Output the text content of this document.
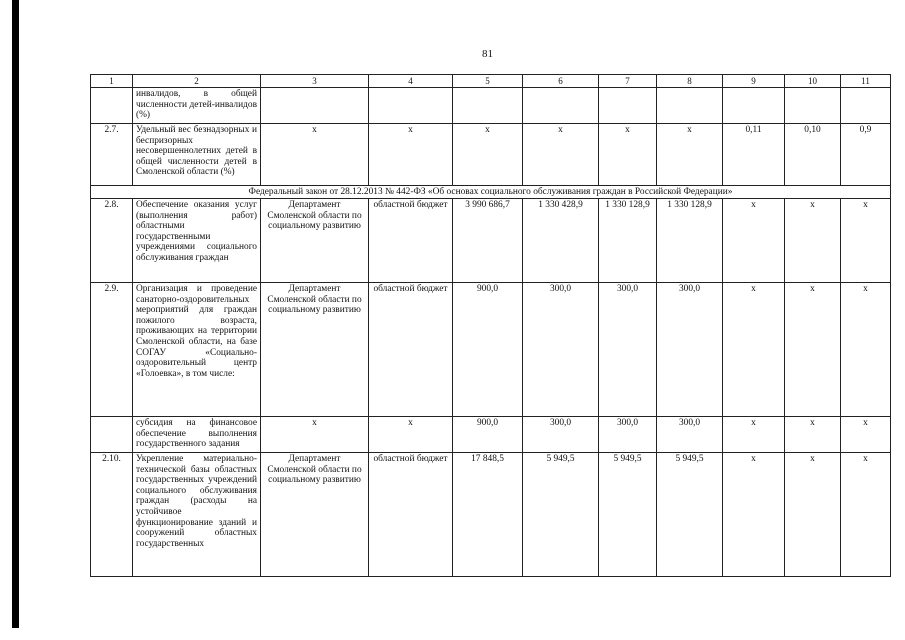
81
1	2	3	4	5	6	7	8	9	10	11
	инвалидов, в общей численности детей-инвалидов (%)									
2.7.	Удельный вес безнадзорных и беспризорных несовершеннолетних детей в общей численности детей в Смоленской области (%)	х	х	х	х	х	х	0,11	0,10	0,9
Федеральный закон от 28.12.2013 № 442-ФЗ «Об основах социального обслуживания граждан в Российской Федерации»										
2.8.	Обеспечение оказания услуг (выполнения работ) областными государственными учреждениями социального обслуживания граждан	Департамент Смоленской области по социальному развитию	областной бюджет	3 990 686,7	1 330 428,9	1 330 128,9	1 330 128,9	х	х	х
2.9.	Организация и проведение санаторно-оздоровительных мероприятий для граждан пожилого возраста, проживающих на территории Смоленской области, на базе СОГАУ «Социально-оздоровительный центр «Голоевка», в том числе:	Департамент Смоленской области по социальному развитию	областной бюджет	900,0	300,0	300,0	300,0	х	х	х
	субсидия на финансовое обеспечение выполнения государственного задания	х	х	900,0	300,0	300,0	300,0	х	х	х
2.10.	Укрепление материально-технической базы областных государственных учреждений социального обслуживания граждан (расходы на устойчивое функционирование зданий и сооружений областных государственных	Департамент Смоленской области по социальному развитию	областной бюджет	17 848,5	5 949,5	5 949,5	5 949,5	х	х	х
